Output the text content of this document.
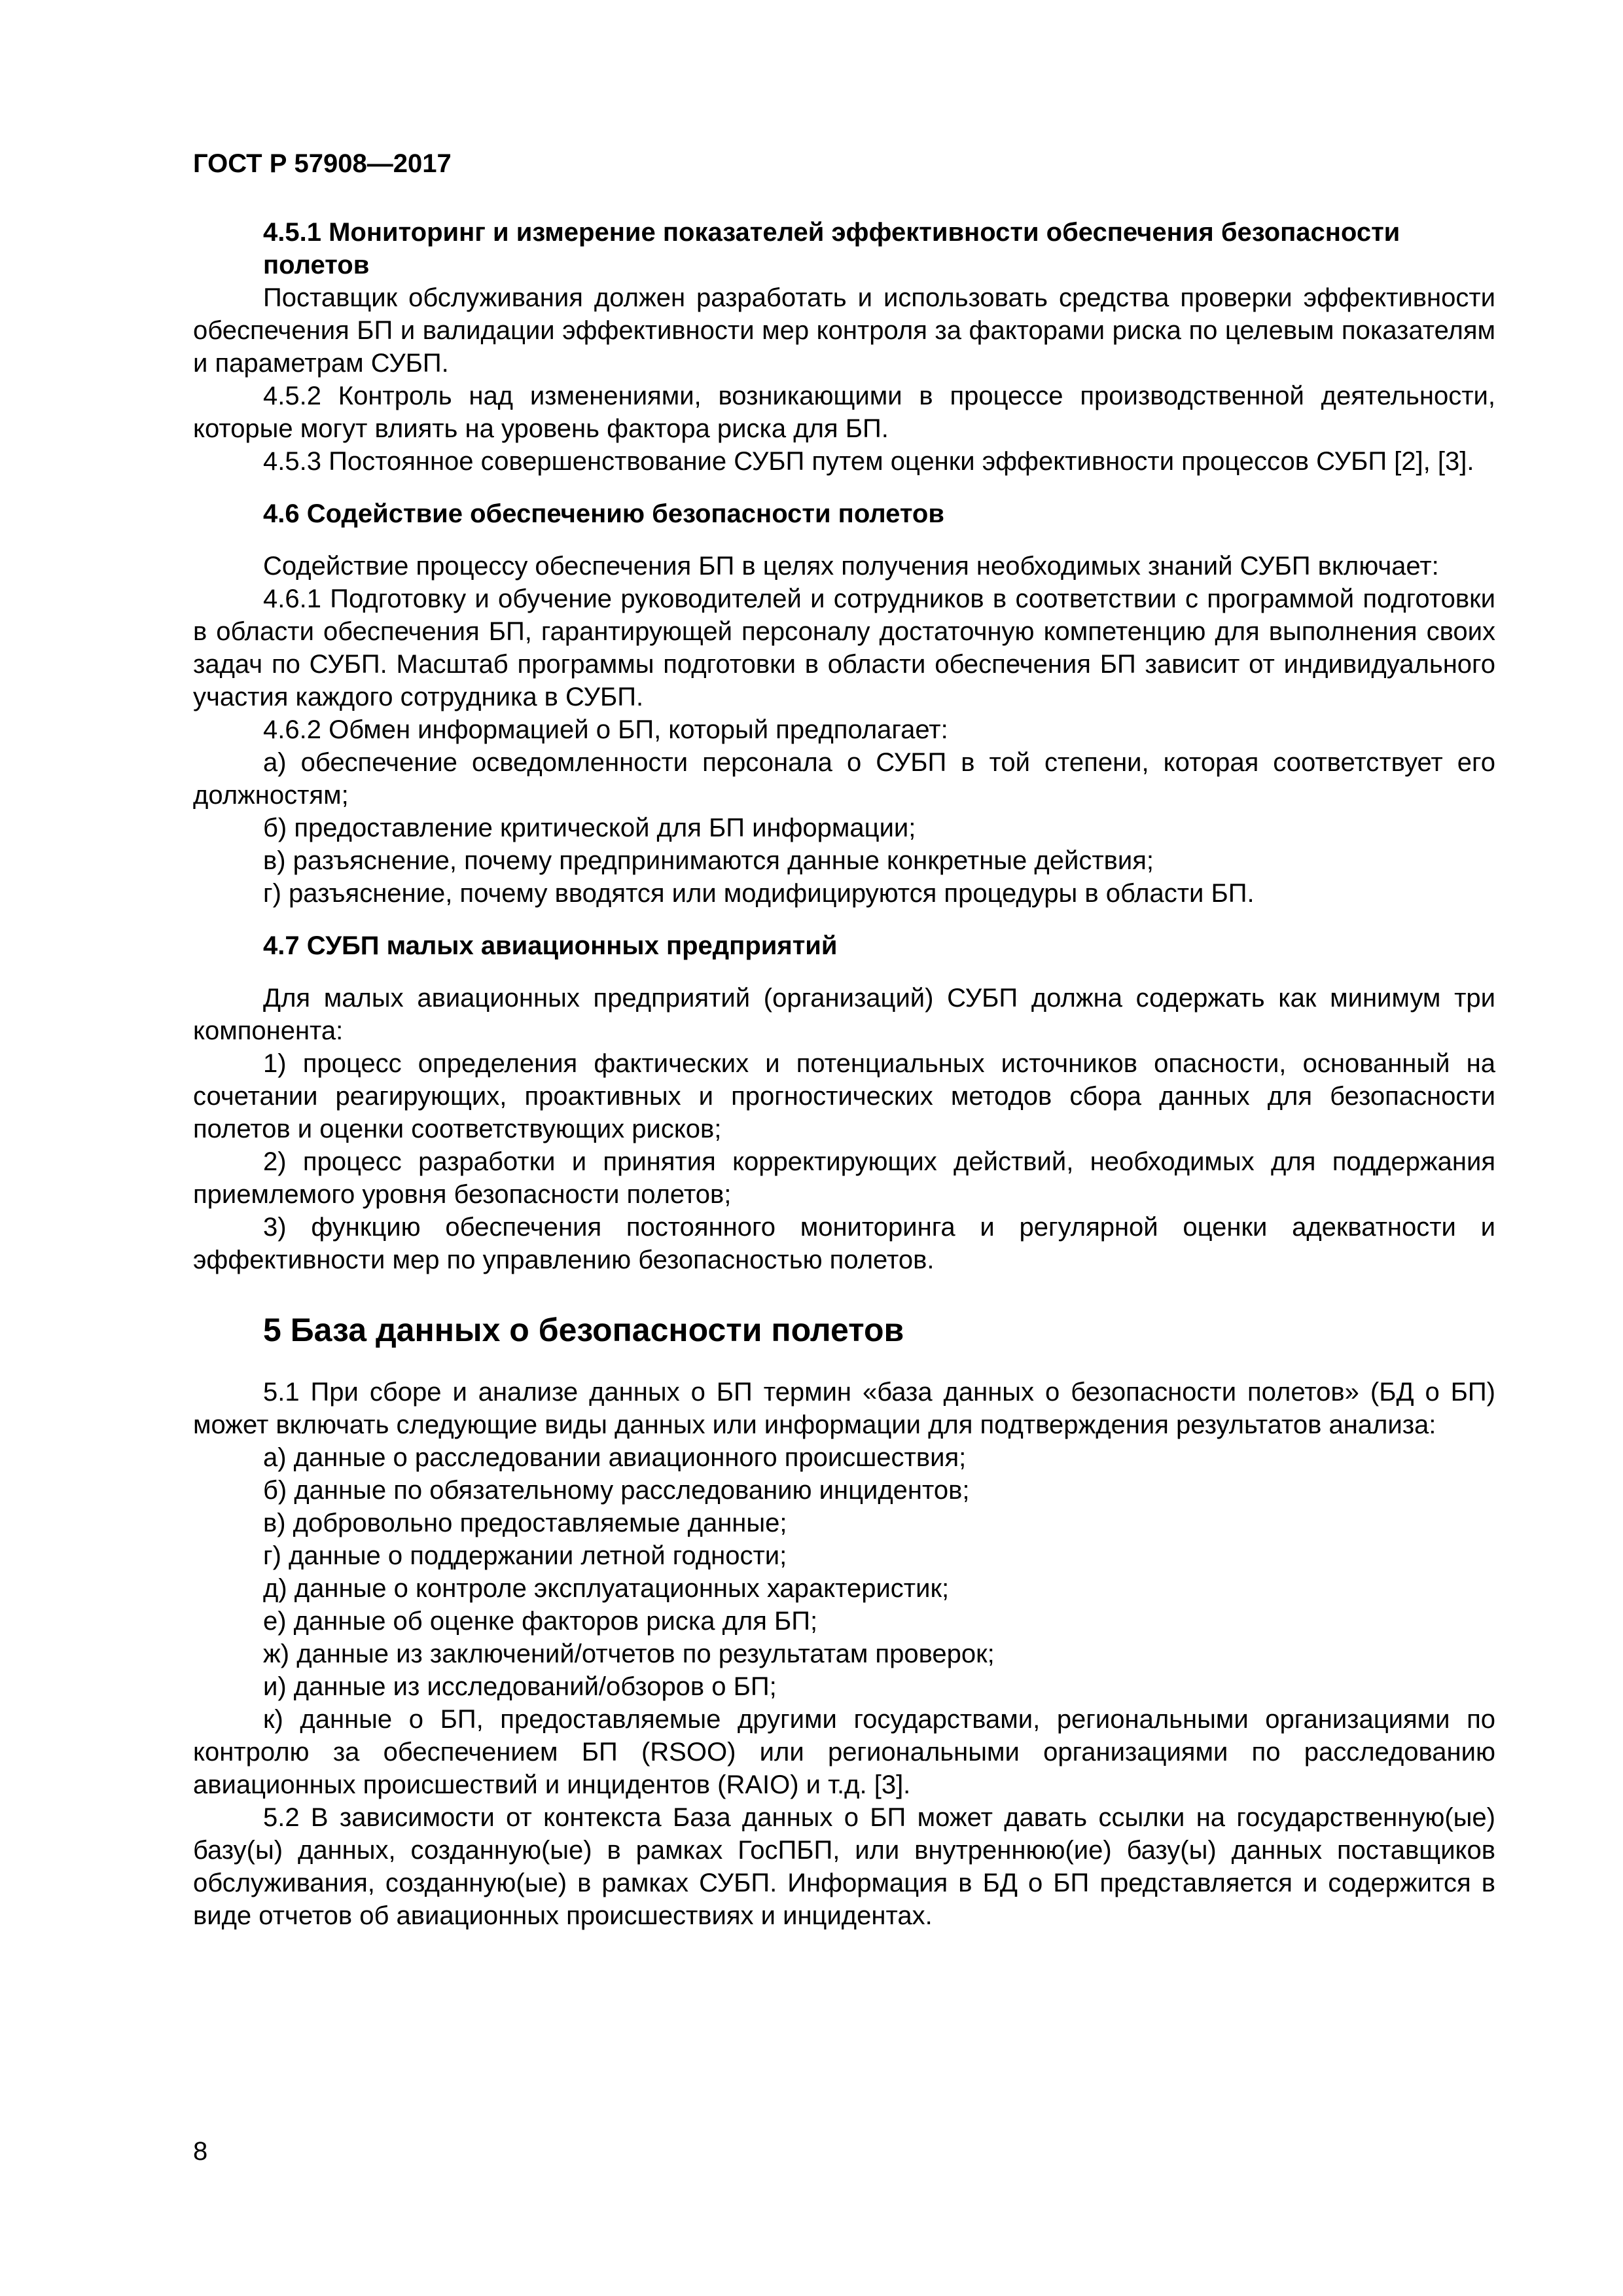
ГОСТ Р 57908—2017
4.5.1 Мониторинг и измерение показателей эффективности обеспечения безопасности полетов

Поставщик обслуживания должен разработать и использовать средства проверки эффективности обеспечения БП и валидации эффективности мер контроля за факторами риска по целевым показателям и параметрам СУБП.

4.5.2 Контроль над изменениями, возникающими в процессе производственной деятельности, которые могут влиять на уровень фактора риска для БП.

4.5.3 Постоянное совершенствование СУБП путем оценки эффективности процессов СУБП [2], [3].

4.6 Содействие обеспечению безопасности полетов

Содействие процессу обеспечения БП в целях получения необходимых знаний СУБП включает:

4.6.1 Подготовку и обучение руководителей и сотрудников в соответствии с программой подготовки в области обеспечения БП, гарантирующей персоналу достаточную компетенцию для выполнения своих задач по СУБП. Масштаб программы подготовки в области обеспечения БП зависит от индивидуального участия каждого сотрудника в СУБП.

4.6.2 Обмен информацией о БП, который предполагает:

а) обеспечение осведомленности персонала о СУБП в той степени, которая соответствует его должностям;

б) предоставление критической для БП информации;

в) разъяснение, почему предпринимаются данные конкретные действия;

г) разъяснение, почему вводятся или модифицируются процедуры в области БП.

4.7 СУБП малых авиационных предприятий

Для малых авиационных предприятий (организаций) СУБП должна содержать как минимум три компонента:

1) процесс определения фактических и потенциальных источников опасности, основанный на сочетании реагирующих, проактивных и прогностических методов сбора данных для безопасности полетов и оценки соответствующих рисков;

2) процесс разработки и принятия корректирующих действий, необходимых для поддержания приемлемого уровня безопасности полетов;

3) функцию обеспечения постоянного мониторинга и регулярной оценки адекватности и эффективности мер по управлению безопасностью полетов.

5 База данных о безопасности полетов

5.1 При сборе и анализе данных о БП термин «база данных о безопасности полетов» (БД о БП) может включать следующие виды данных или информации для подтверждения результатов анализа:

а) данные о расследовании авиационного происшествия;

б) данные по обязательному расследованию инцидентов;

в) добровольно предоставляемые данные;

г) данные о поддержании летной годности;

д) данные о контроле эксплуатационных характеристик;

е) данные об оценке факторов риска для БП;

ж) данные из заключений/отчетов по результатам проверок;

и) данные из исследований/обзоров о БП;

к) данные о БП, предоставляемые другими государствами, региональными организациями по контролю за обеспечением БП (RSOO) или региональными организациями по расследованию авиационных происшествий и инцидентов (RAIO) и т.д. [3].

5.2 В зависимости от контекста База данных о БП может давать ссылки на государственную(ые) базу(ы) данных, созданную(ые) в рамках ГосПБП, или внутреннюю(ие) базу(ы) данных поставщиков обслуживания, созданную(ые) в рамках СУБП. Информация в БД о БП представляется и содержится в виде отчетов об авиационных происшествиях и инцидентах.

8
